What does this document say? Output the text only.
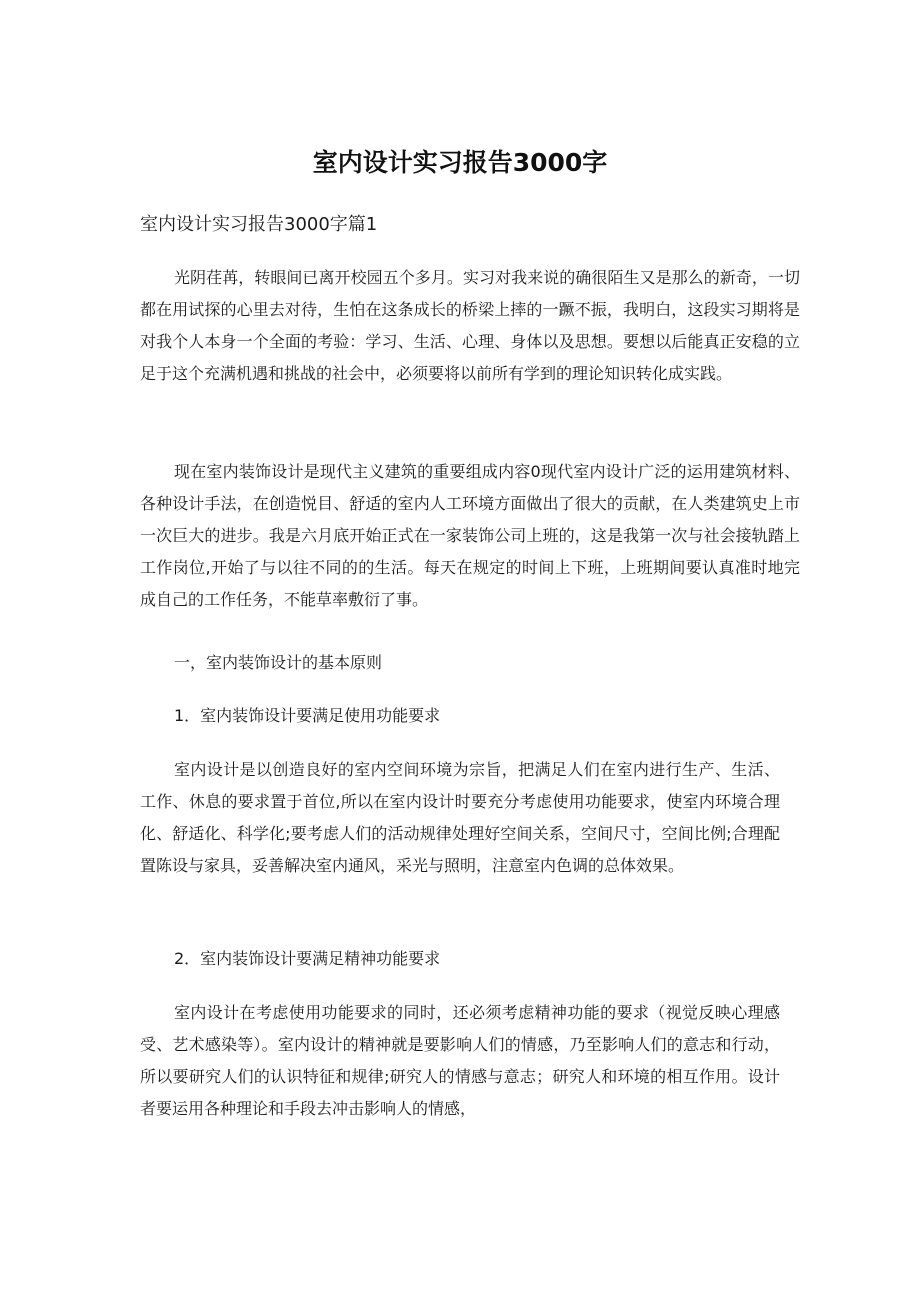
室内设计实习报告3000字
室内设计实习报告3000字篇1

光阴荏苒，转眼间已离开校园五个多月。实习对我来说的确很陌生又是那么的新奇，一切都在用试探的心里去对待，生怕在这条成长的桥梁上摔的一蹶不振，我明白，这段实习期将是对我个人本身一个全面的考验：学习、生活、心理、身体以及思想。要想以后能真正安稳的立足于这个充满机遇和挑战的社会中，必须要将以前所有学到的理论知识转化成实践。

现在室内装饰设计是现代主义建筑的重要组成内容0现代室内设计广泛的运用建筑材料、各种设计手法，在创造悦目、舒适的室内人工环境方面做出了很大的贡献，在人类建筑史上市一次巨大的进步。我是六月底开始正式在一家装饰公司上班的，这是我第一次与社会接轨踏上工作岗位,开始了与以往不同的的生活。每天在规定的时间上下班，上班期间要认真准时地完成自己的工作任务，不能草率敷衍了事。

一，室内装饰设计的基本原则

1．室内装饰设计要满足使用功能要求

室内设计是以创造良好的室内空间环境为宗旨，把满足人们在室内进行生产、生活、工作、休息的要求置于首位,所以在室内设计时要充分考虑使用功能要求，使室内环境合理化、舒适化、科学化;要考虑人们的活动规律处理好空间关系，空间尺寸，空间比例;合理配置陈设与家具，妥善解决室内通风，采光与照明，注意室内色调的总体效果。

2．室内装饰设计要满足精神功能要求

室内设计在考虑使用功能要求的同时，还必须考虑精神功能的要求（视觉反映心理感受、艺术感染等）。室内设计的精神就是要影响人们的情感，乃至影响人们的意志和行动，所以要研究人们的认识特征和规律;研究人的情感与意志；研究人和环境的相互作用。设计者要运用各种理论和手段去冲击影响人的情感，
